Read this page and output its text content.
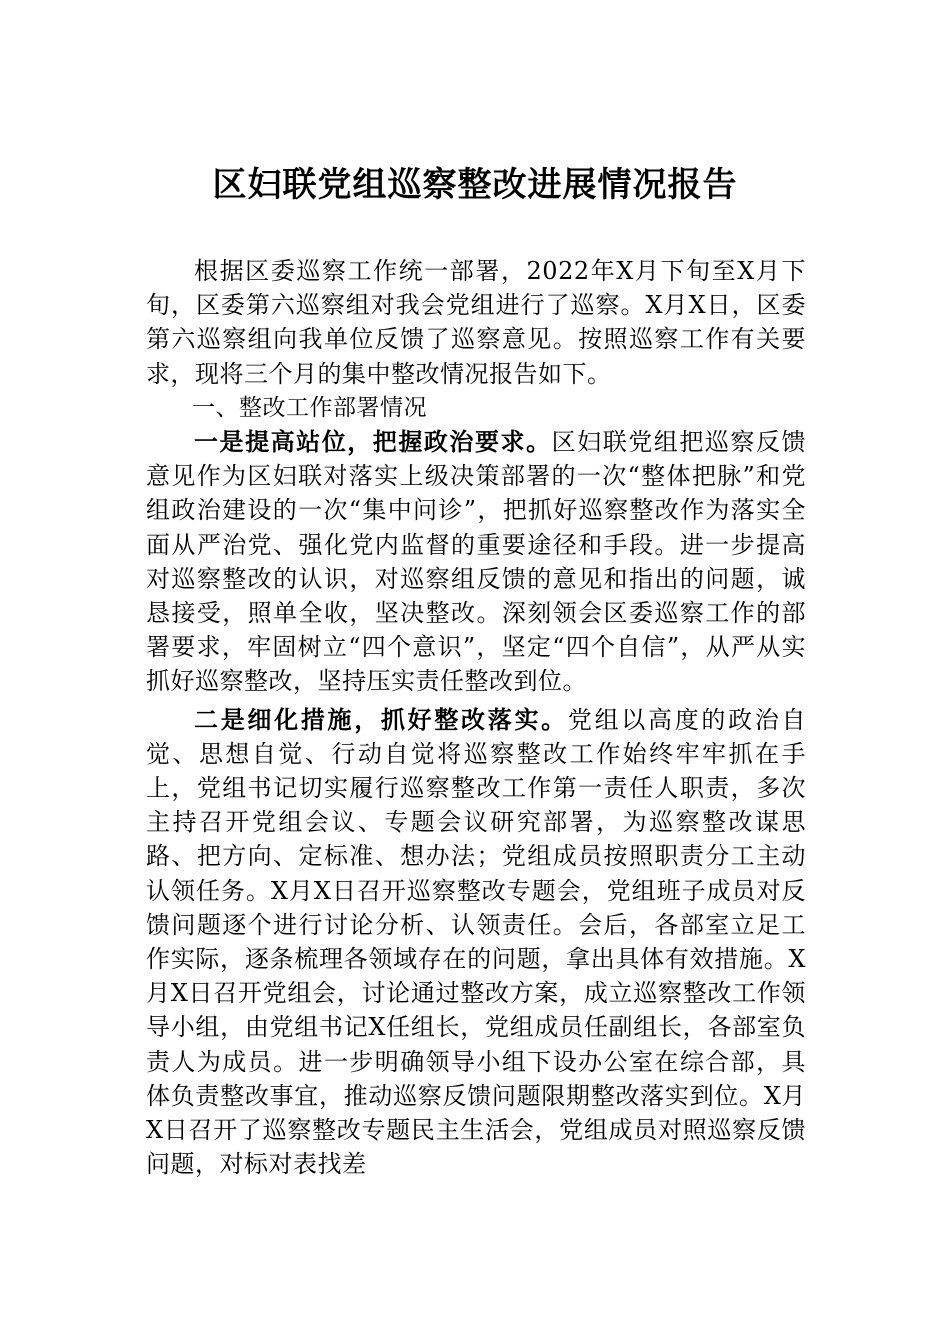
区妇联党组巡察整改进展情况报告

根据区委巡察工作统一部署，2022年X月下旬至X月下旬，区委第六巡察组对我会党组进行了巡察。X月X日，区委第六巡察组向我单位反馈了巡察意见。按照巡察工作有关要求，现将三个月的集中整改情况报告如下。

一、整改工作部署情况

一是提高站位，把握政治要求。区妇联党组把巡察反馈意见作为区妇联对落实上级决策部署的一次“整体把脉”和党组政治建设的一次“集中问诊”，把抓好巡察整改作为落实全面从严治党、强化党内监督的重要途径和手段。进一步提高对巡察整改的认识，对巡察组反馈的意见和指出的问题，诚恳接受，照单全收，坚决整改。深刻领会区委巡察工作的部署要求，牢固树立“四个意识”，坚定“四个自信”，从严从实抓好巡察整改，坚持压实责任整改到位。

二是细化措施，抓好整改落实。党组以高度的政治自觉、思想自觉、行动自觉将巡察整改工作始终牢牢抓在手上，党组书记切实履行巡察整改工作第一责任人职责，多次主持召开党组会议、专题会议研究部署，为巡察整改谋思路、把方向、定标准、想办法；党组成员按照职责分工主动认领任务。X月X日召开巡察整改专题会，党组班子成员对反馈问题逐个进行讨论分析、认领责任。会后，各部室立足工作实际，逐条梳理各领域存在的问题，拿出具体有效措施。X月X日召开党组会，讨论通过整改方案，成立巡察整改工作领导小组，由党组书记X任组长，党组成员任副组长，各部室负责人为成员。进一步明确领导小组下设办公室在综合部，具体负责整改事宜，推动巡察反馈问题限期整改落实到位。X月X日召开了巡察整改专题民主生活会，党组成员对照巡察反馈问题，对标对表找差
